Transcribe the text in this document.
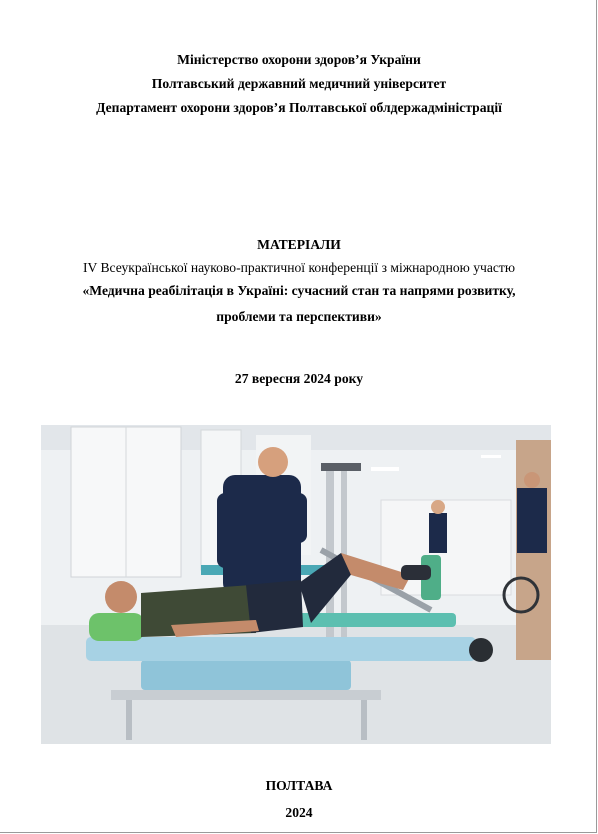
Міністерство охорони здоров’я України
Полтавський державний медичний університет
Департамент охорони здоров’я Полтавської облдержадміністрації
МАТЕРІАЛИ
IV Всеукраїнської науково-практичної конференції з міжнародною участю
«Медична реабілітація в Україні: сучасний стан та напрями розвитку,
проблеми та перспективи»
27 вересня 2024 року
ПОЛТАВА
2024
